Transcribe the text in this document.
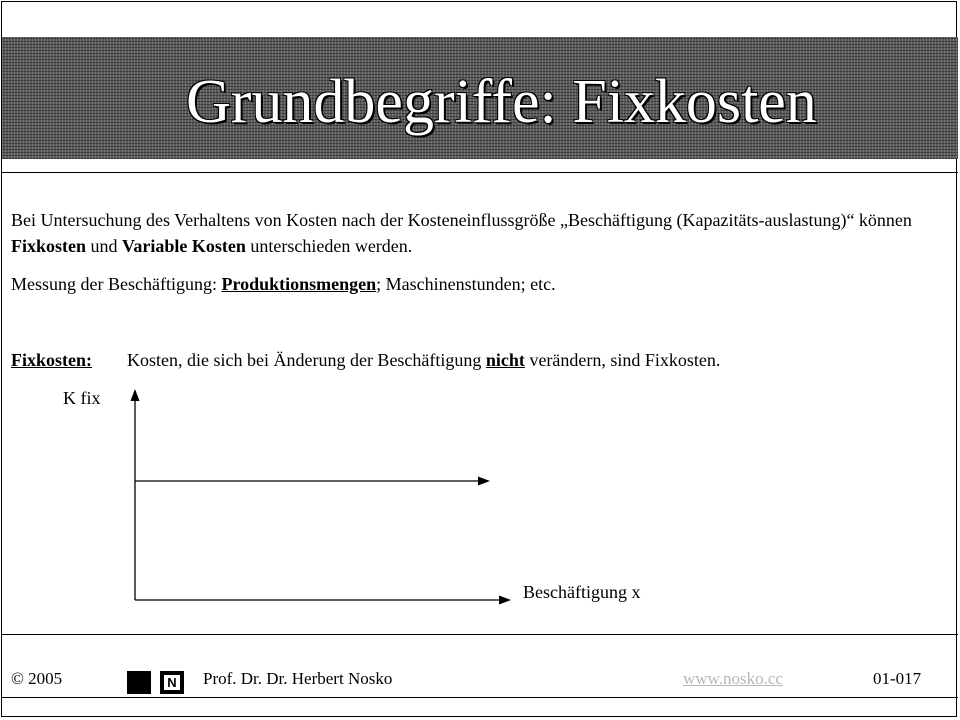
Grundbegriffe: Fixkosten
Bei Untersuchung des Verhaltens von Kosten nach der Kosteneinflussgröße „Beschäftigung (Kapazitäts-auslastung)“ können Fixkosten und Variable Kosten unterschieden werden.
Messung der Beschäftigung: Produktionsmengen; Maschinenstunden; etc.
Fixkosten: Kosten, die sich bei Änderung der Beschäftigung nicht verändern, sind Fixkosten.
K fix
Beschäftigung x
© 2005	N Prof. Dr. Dr. Herbert Nosko	www.nosko.cc	01-017
